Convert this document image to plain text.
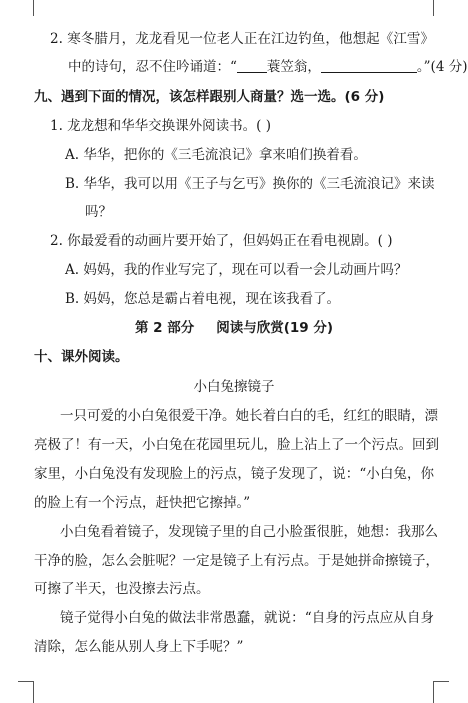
2. 寒冬腊月，龙龙看见一位老人正在江边钓鱼，他想起《江雪》
中的诗句，忍不住吟诵道：“ 蓑笠翁，	。”(4 分)
九、遇到下面的情况，该怎样跟别人商量？选一选。(6 分)
1. 龙龙想和华华交换课外阅读书。( )
A. 华华，把你的《三毛流浪记》拿来咱们换着看。
B. 华华，我可以用《王子与乞丐》换你的《三毛流浪记》来读
吗？
2. 你最爱看的动画片要开始了，但妈妈正在看电视剧。( )
A. 妈妈，我的作业写完了，现在可以看一会儿动画片吗？
B. 妈妈，您总是霸占着电视，现在该我看了。
第 2 部分 阅读与欣赏(19 分)
十、课外阅读。
小白兔擦镜子
一只可爱的小白兔很爱干净。她长着白白的毛，红红的眼睛，漂
亮极了！有一天，小白兔在花园里玩儿，脸上沾上了一个污点。回到
家里，小白兔没有发现脸上的污点，镜子发现了，说：“小白兔，你
的脸上有一个污点，赶快把它擦掉。”
小白兔看着镜子，发现镜子里的自己小脸蛋很脏，她想：我那么
干净的脸，怎么会脏呢？一定是镜子上有污点。于是她拼命擦镜子，
可擦了半天，也没擦去污点。
镜子觉得小白兔的做法非常愚蠢，就说：“自身的污点应从自身
清除，怎么能从别人身上下手呢？”
